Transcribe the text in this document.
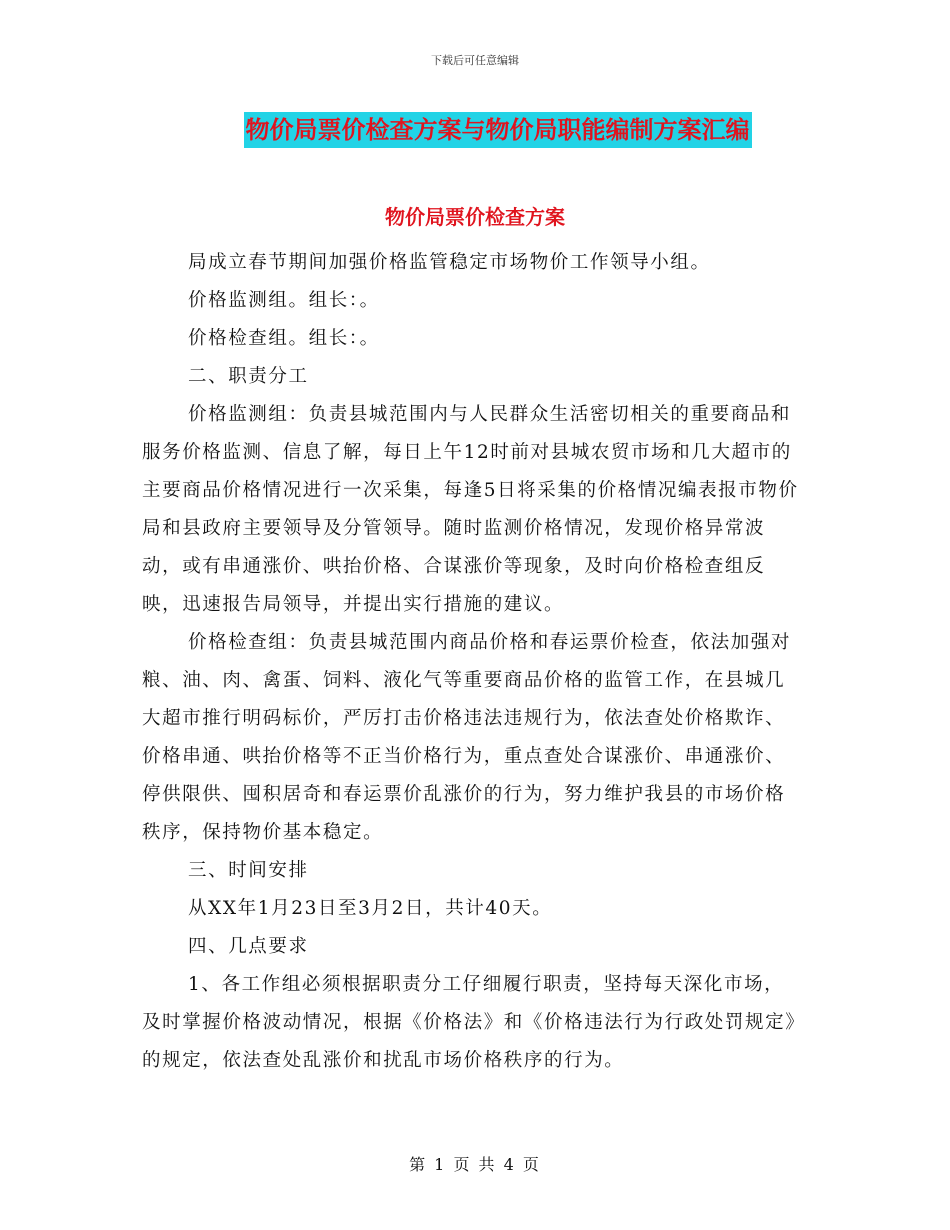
下载后可任意编辑
物价局票价检查方案与物价局职能编制方案汇编
物价局票价检查方案

局成立春节期间加强价格监管稳定市场物价工作领导小组。

价格监测组。组长：。

价格检查组。组长：。

二、职责分工

价格监测组：负责县城范围内与人民群众生活密切相关的重要商品和服务价格监测、信息了解，每日上午12时前对县城农贸市场和几大超市的主要商品价格情况进行一次采集，每逢5日将采集的价格情况编表报市物价局和县政府主要领导及分管领导。随时监测价格情况，发现价格异常波动，或有串通涨价、哄抬价格、合谋涨价等现象，及时向价格检查组反映，迅速报告局领导，并提出实行措施的建议。

价格检查组：负责县城范围内商品价格和春运票价检查，依法加强对粮、油、肉、禽蛋、饲料、液化气等重要商品价格的监管工作，在县城几大超市推行明码标价，严厉打击价格违法违规行为，依法查处价格欺诈、价格串通、哄抬价格等不正当价格行为，重点查处合谋涨价、串通涨价、停供限供、囤积居奇和春运票价乱涨价的行为，努力维护我县的市场价格秩序，保持物价基本稳定。

三、时间安排

从XX年1月23日至3月2日，共计40天。

四、几点要求

1、各工作组必须根据职责分工仔细履行职责，坚持每天深化市场，及时掌握价格波动情况，根据《价格法》和《价格违法行为行政处罚规定》的规定，依法查处乱涨价和扰乱市场价格秩序的行为。

第 1 页 共 4 页
